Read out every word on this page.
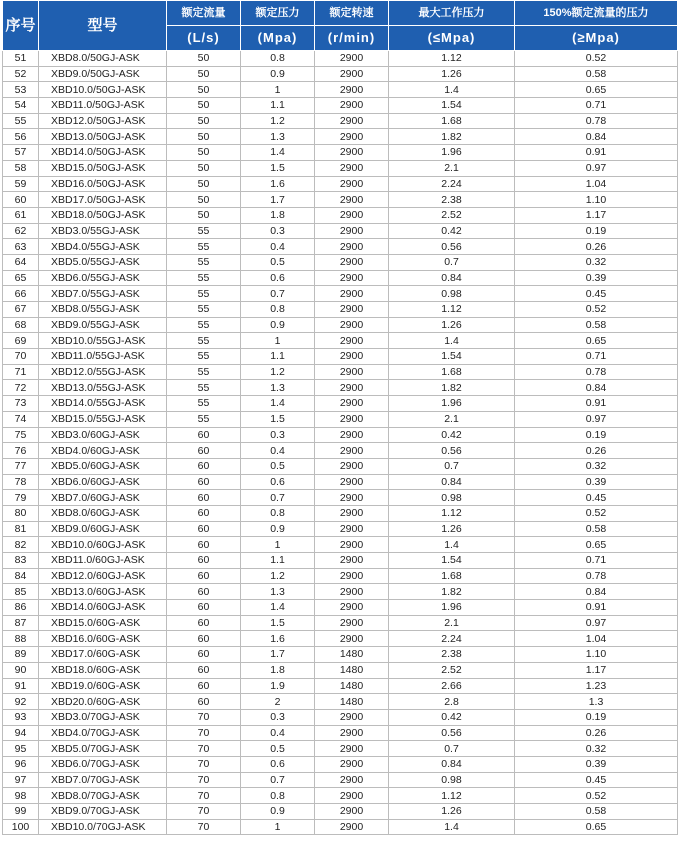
序号	型号	额定流量	额定压力	额定转速	最大工作压力	150%额定流量的压力
		(L/s)	(Mpa)	(r/min)	(≤Mpa)	(≥Mpa)
51	XBD8.0/50GJ-ASK	50	0.8	2900	1.12	0.52
52	XBD9.0/50GJ-ASK	50	0.9	2900	1.26	0.58
53	XBD10.0/50GJ-ASK	50	1	2900	1.4	0.65
54	XBD11.0/50GJ-ASK	50	1.1	2900	1.54	0.71
55	XBD12.0/50GJ-ASK	50	1.2	2900	1.68	0.78
56	XBD13.0/50GJ-ASK	50	1.3	2900	1.82	0.84
57	XBD14.0/50GJ-ASK	50	1.4	2900	1.96	0.91
58	XBD15.0/50GJ-ASK	50	1.5	2900	2.1	0.97
59	XBD16.0/50GJ-ASK	50	1.6	2900	2.24	1.04
60	XBD17.0/50GJ-ASK	50	1.7	2900	2.38	1.10
61	XBD18.0/50GJ-ASK	50	1.8	2900	2.52	1.17
62	XBD3.0/55GJ-ASK	55	0.3	2900	0.42	0.19
63	XBD4.0/55GJ-ASK	55	0.4	2900	0.56	0.26
64	XBD5.0/55GJ-ASK	55	0.5	2900	0.7	0.32
65	XBD6.0/55GJ-ASK	55	0.6	2900	0.84	0.39
66	XBD7.0/55GJ-ASK	55	0.7	2900	0.98	0.45
67	XBD8.0/55GJ-ASK	55	0.8	2900	1.12	0.52
68	XBD9.0/55GJ-ASK	55	0.9	2900	1.26	0.58
69	XBD10.0/55GJ-ASK	55	1	2900	1.4	0.65
70	XBD11.0/55GJ-ASK	55	1.1	2900	1.54	0.71
71	XBD12.0/55GJ-ASK	55	1.2	2900	1.68	0.78
72	XBD13.0/55GJ-ASK	55	1.3	2900	1.82	0.84
73	XBD14.0/55GJ-ASK	55	1.4	2900	1.96	0.91
74	XBD15.0/55GJ-ASK	55	1.5	2900	2.1	0.97
75	XBD3.0/60GJ-ASK	60	0.3	2900	0.42	0.19
76	XBD4.0/60GJ-ASK	60	0.4	2900	0.56	0.26
77	XBD5.0/60GJ-ASK	60	0.5	2900	0.7	0.32
78	XBD6.0/60GJ-ASK	60	0.6	2900	0.84	0.39
79	XBD7.0/60GJ-ASK	60	0.7	2900	0.98	0.45
80	XBD8.0/60GJ-ASK	60	0.8	2900	1.12	0.52
81	XBD9.0/60GJ-ASK	60	0.9	2900	1.26	0.58
82	XBD10.0/60GJ-ASK	60	1	2900	1.4	0.65
83	XBD11.0/60GJ-ASK	60	1.1	2900	1.54	0.71
84	XBD12.0/60GJ-ASK	60	1.2	2900	1.68	0.78
85	XBD13.0/60GJ-ASK	60	1.3	2900	1.82	0.84
86	XBD14.0/60GJ-ASK	60	1.4	2900	1.96	0.91
87	XBD15.0/60G-ASK	60	1.5	2900	2.1	0.97
88	XBD16.0/60G-ASK	60	1.6	2900	2.24	1.04
89	XBD17.0/60G-ASK	60	1.7	1480	2.38	1.10
90	XBD18.0/60G-ASK	60	1.8	1480	2.52	1.17
91	XBD19.0/60G-ASK	60	1.9	1480	2.66	1.23
92	XBD20.0/60G-ASK	60	2	1480	2.8	1.3
93	XBD3.0/70GJ-ASK	70	0.3	2900	0.42	0.19
94	XBD4.0/70GJ-ASK	70	0.4	2900	0.56	0.26
95	XBD5.0/70GJ-ASK	70	0.5	2900	0.7	0.32
96	XBD6.0/70GJ-ASK	70	0.6	2900	0.84	0.39
97	XBD7.0/70GJ-ASK	70	0.7	2900	0.98	0.45
98	XBD8.0/70GJ-ASK	70	0.8	2900	1.12	0.52
99	XBD9.0/70GJ-ASK	70	0.9	2900	1.26	0.58
100	XBD10.0/70GJ-ASK	70	1	2900	1.4	0.65
